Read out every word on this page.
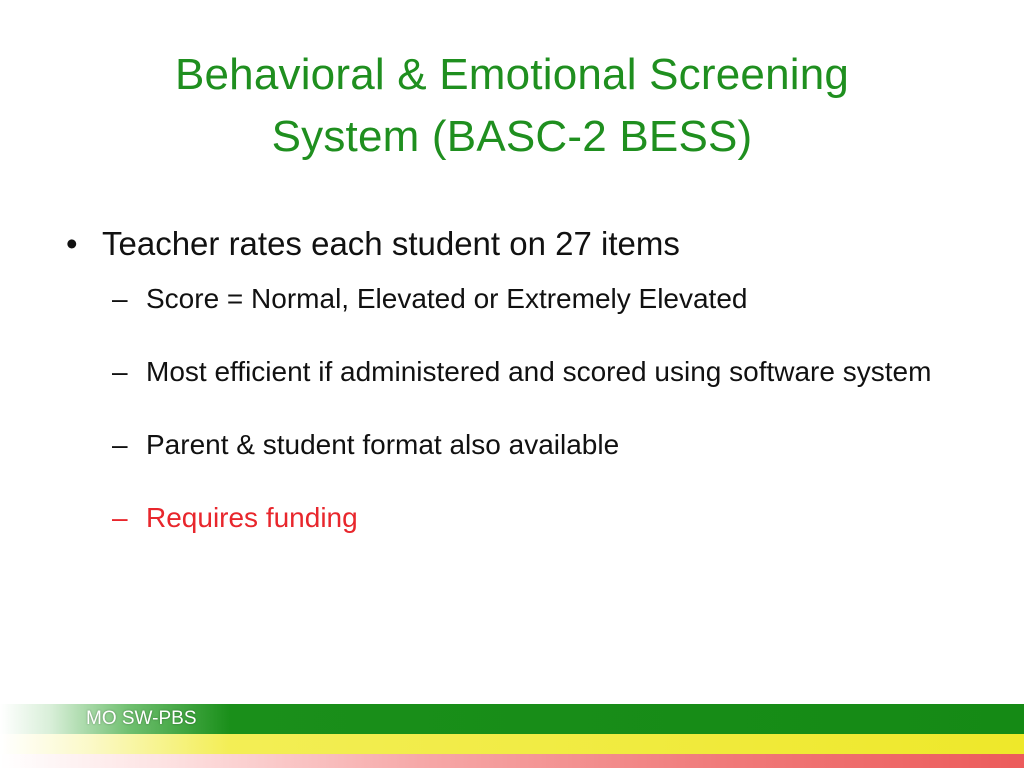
Behavioral & Emotional Screening
System (BASC-2 BESS)
• Teacher rates each student on 27 items
– Score = Normal, Elevated or Extremely Elevated
– Most efficient if administered and scored using software system
– Parent & student format also available
– Requires funding
MO SW-PBS
